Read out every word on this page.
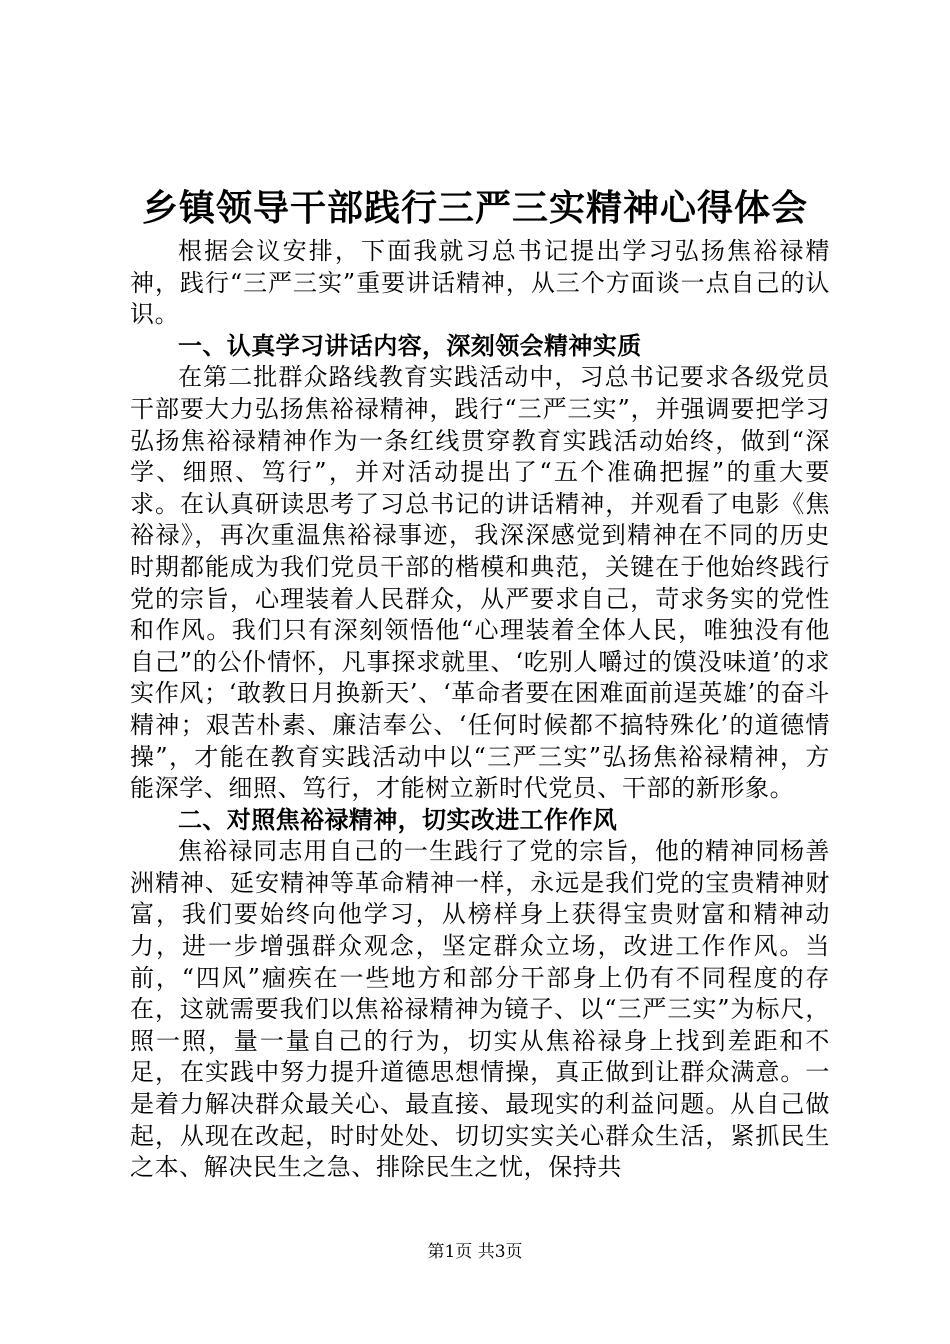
乡镇领导干部践行三严三实精神心得体会

根据会议安排，下面我就习总书记提出学习弘扬焦裕禄精神，践行“三严三实”重要讲话精神，从三个方面谈一点自己的认识。

一、认真学习讲话内容，深刻领会精神实质

在第二批群众路线教育实践活动中，习总书记要求各级党员干部要大力弘扬焦裕禄精神，践行“三严三实”，并强调要把学习弘扬焦裕禄精神作为一条红线贯穿教育实践活动始终，做到“深学、细照、笃行”，并对活动提出了“五个准确把握”的重大要求。在认真研读思考了习总书记的讲话精神，并观看了电影《焦裕禄》，再次重温焦裕禄事迹，我深深感觉到精神在不同的历史时期都能成为我们党员干部的楷模和典范，关键在于他始终践行党的宗旨，心理装着人民群众，从严要求自己，苛求务实的党性和作风。我们只有深刻领悟他“心理装着全体人民，唯独没有他自己”的公仆情怀，凡事探求就里、‘吃别人嚼过的馍没味道’的求实作风；‘敢教日月换新天’、‘革命者要在困难面前逞英雄’的奋斗精神；艰苦朴素、廉洁奉公、‘任何时候都不搞特殊化’的道德情操”，才能在教育实践活动中以“三严三实”弘扬焦裕禄精神，方能深学、细照、笃行，才能树立新时代党员、干部的新形象。

二、对照焦裕禄精神，切实改进工作作风

焦裕禄同志用自己的一生践行了党的宗旨，他的精神同杨善洲精神、延安精神等革命精神一样，永远是我们党的宝贵精神财富，我们要始终向他学习，从榜样身上获得宝贵财富和精神动力，进一步增强群众观念，坚定群众立场，改进工作作风。当前，“四风”痼疾在一些地方和部分干部身上仍有不同程度的存在，这就需要我们以焦裕禄精神为镜子、以“三严三实”为标尺，照一照，量一量自己的行为，切实从焦裕禄身上找到差距和不足，在实践中努力提升道德思想情操，真正做到让群众满意。一是着力解决群众最关心、最直接、最现实的利益问题。从自己做起，从现在改起，时时处处、切切实实关心群众生活，紧抓民生之本、解决民生之急、排除民生之忧，保持共

第1页 共3页
